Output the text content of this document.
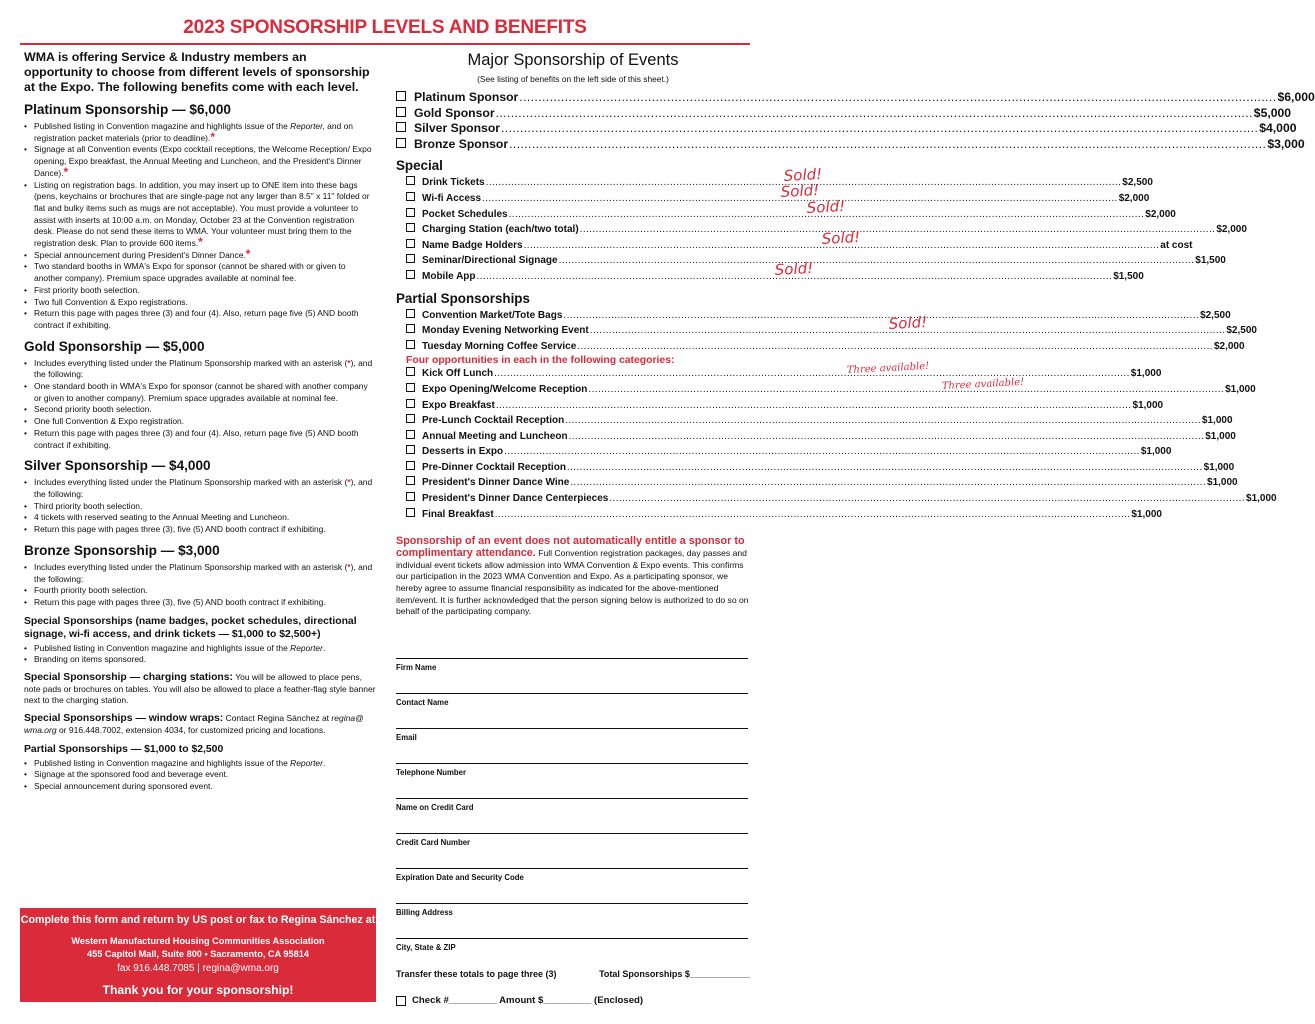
2023 SPONSORSHIP LEVELS AND BENEFITS

WMA is offering Service & Industry members an opportunity to choose from different levels of sponsorship at the Expo. The following benefits come with each level.

Platinum Sponsorship — $6,000
• Published listing in Convention magazine and highlights issue of the Reporter, and on registration packet materials (prior to deadline).*
• Signage at all Convention events (Expo cocktail receptions, the Welcome Reception/ Expo opening, Expo breakfast, the Annual Meeting and Luncheon, and the President's Dinner Dance).*
• Listing on registration bags. In addition, you may insert up to ONE item into these bags (pens, keychains or brochures that are single-page not any larger than 8.5" x 11" folded or flat and bulky items such as mugs are not acceptable). You must provide a volunteer to assist with inserts at 10:00 a.m. on Monday, October 23 at the Convention registration desk. Please do not send these items to WMA. Your volunteer must bring them to the registration desk. Plan to provide 600 items.*
• Special announcement during President's Dinner Dance.*
• Two standard booths in WMA's Expo for sponsor (cannot be shared with or given to another company). Premium space upgrades available at nominal fee.
• First priority booth selection.
• Two full Convention & Expo registrations.
• Return this page with pages three (3) and four (4). Also, return page five (5) AND booth contract if exhibiting.
Gold Sponsorship — $5,000
• Includes everything listed under the Platinum Sponsorship marked with an asterisk (*), and the following:
• One standard booth in WMA's Expo for sponsor (cannot be shared with another company or given to another company). Premium space upgrades available at nominal fee.
• Second priority booth selection.
• One full Convention & Expo registration.
• Return this page with pages three (3) and four (4). Also, return page five (5) AND booth contract if exhibiting.
Silver Sponsorship — $4,000
• Includes everything listed under the Platinum Sponsorship marked with an asterisk (*), and the following:
• Third priority booth selection.
• 4 tickets with reserved seating to the Annual Meeting and Luncheon.
• Return this page with pages three (3), five (5) AND booth contract if exhibiting.
Bronze Sponsorship — $3,000
• Includes everything listed under the Platinum Sponsorship marked with an asterisk (*), and the following:
• Fourth priority booth selection.
• Return this page with pages three (3), five (5) AND booth contract if exhibiting.
Special Sponsorships (name badges, pocket schedules, directional signage, wi-fi access, and drink tickets — $1,000 to $2,500+)
• Published listing in Convention magazine and highlights issue of the Reporter.
• Branding on items sponsored.
Special Sponsorship — charging stations: You will be allowed to place pens, note pads or brochures on tables. You will also be allowed to place a feather-flag style banner next to the charging station.
Special Sponsorships — window wraps: Contact Regina Sánchez at regina@ wma.org or 916.448.7002, extension 4034, for customized pricing and locations.
Partial Sponsorships — $1,000 to $2,500
• Published listing in Convention magazine and highlights issue of the Reporter.
• Signage at the sponsored food and beverage event.
• Special announcement during sponsored event.
Complete this form and return by US post or fax to Regina Sánchez at
Western Manufactured Housing Communities Association
455 Capitol Mall, Suite 800 • Sacramento, CA 95814
fax 916.448.7085 | regina@wma.org
Thank you for your sponsorship!
Major Sponsorship of Events
(See listing of benefits on the left side of this sheet.)
Platinum Sponsor .....	$6,000
Gold Sponsor .....	$5,000
Silver Sponsor .....	$4,000
Bronze Sponsor .....	$3,000
Special
Drink Tickets .....	Sold!	$2,500
Wi-fi Access .....	Sold!	$2,000
Pocket Schedules .....	Sold!	$2,000
Charging Station (each/two total) .....	$2,000
Name Badge Holders .....	Sold!	at cost
Seminar/Directional Signage .....	$1,500
Mobile App .....	Sold!	$1,500
Partial Sponsorships
Convention Market/Tote Bags .....	$2,500
Monday Evening Networking Event .....	Sold!	$2,500
Tuesday Morning Coffee Service .....	$2,000
Four opportunities in each in the following categories:
Kick Off Lunch .....	Three available!	$1,000
Expo Opening/Welcome Reception .....	Three available!	$1,000
Expo Breakfast .....	$1,000
Pre-Lunch Cocktail Reception .....	$1,000
Annual Meeting and Luncheon .....	$1,000
Desserts in Expo .....	$1,000
Pre-Dinner Cocktail Reception .....	$1,000
President's Dinner Dance Wine .....	$1,000
President's Dinner Dance Centerpieces .....	$1,000
Final Breakfast .....	$1,000
Sponsorship of an event does not automatically entitle a sponsor to complimentary attendance. Full Convention registration packages, day passes and individual event tickets allow admission into WMA Convention & Expo events. This confirms our participation in the 2023 WMA Convention and Expo. As a participating sponsor, we hereby agree to assume financial responsibility as indicated for the above-mentioned item/event. It is further acknowledged that the person signing below is authorized to do so on behalf of the participating company.
Firm Name
Contact Name
Email
Telephone Number
Name on Credit Card
Credit Card Number
Expiration Date and Security Code
Billing Address
City, State & ZIP
Transfer these totals to page three (3)	Total Sponsorships $____________
Check #_________ Amount $_________ (Enclosed)
